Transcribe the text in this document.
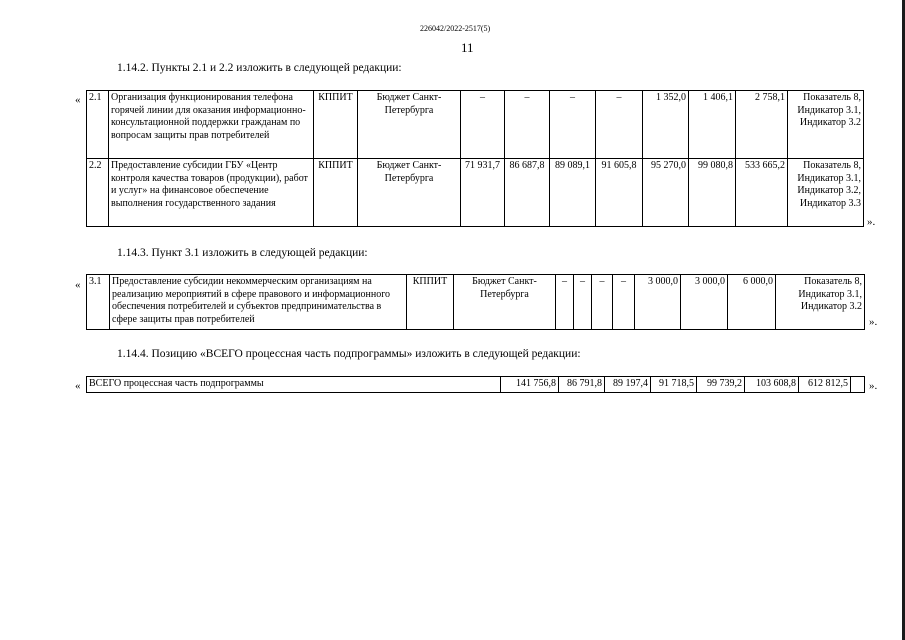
226042/2022-2517(5)
11
1.14.2. Пункты 2.1 и 2.2 изложить в следующей редакции:
« 2.1	Организация функционирования телефона горячей линии для оказания информационно-консультационной поддержки гражданам по вопросам защиты прав потребителей	КППИТ	Бюджет Санкт-Петербурга	–	–	–	–	1 352,0	1 406,1	2 758,1	Показатель 8, Индикатор 3.1, Индикатор 3.2
2.2	Предоставление субсидии ГБУ «Центр контроля качества товаров (продукции), работ и услуг» на финансовое обеспечение выполнения государственного задания	КППИТ	Бюджет Санкт-Петербурга	71 931,7	86 687,8	89 089,1	91 605,8	95 270,0	99 080,8	533 665,2	Показатель 8, Индикатор 3.1, Индикатор 3.2, Индикатор 3.3
».
1.14.3. Пункт 3.1 изложить в следующей редакции:
« 3.1	Предоставление субсидии некоммерческим организациям на реализацию мероприятий в сфере правового и информационного обеспечения потребителей и субъектов предпринимательства в сфере защиты прав потребителей	КППИТ	Бюджет Санкт-Петербурга	–	–	–	–	3 000,0	3 000,0	6 000,0	Показатель 8, Индикатор 3.1, Индикатор 3.2
».
1.14.4. Позицию «ВСЕГО процессная часть подпрограммы» изложить в следующей редакции:
« ВСЕГО процессная часть подпрограммы	141 756,8	86 791,8	89 197,4	91 718,5	99 739,2	103 608,8	612 812,5	».
